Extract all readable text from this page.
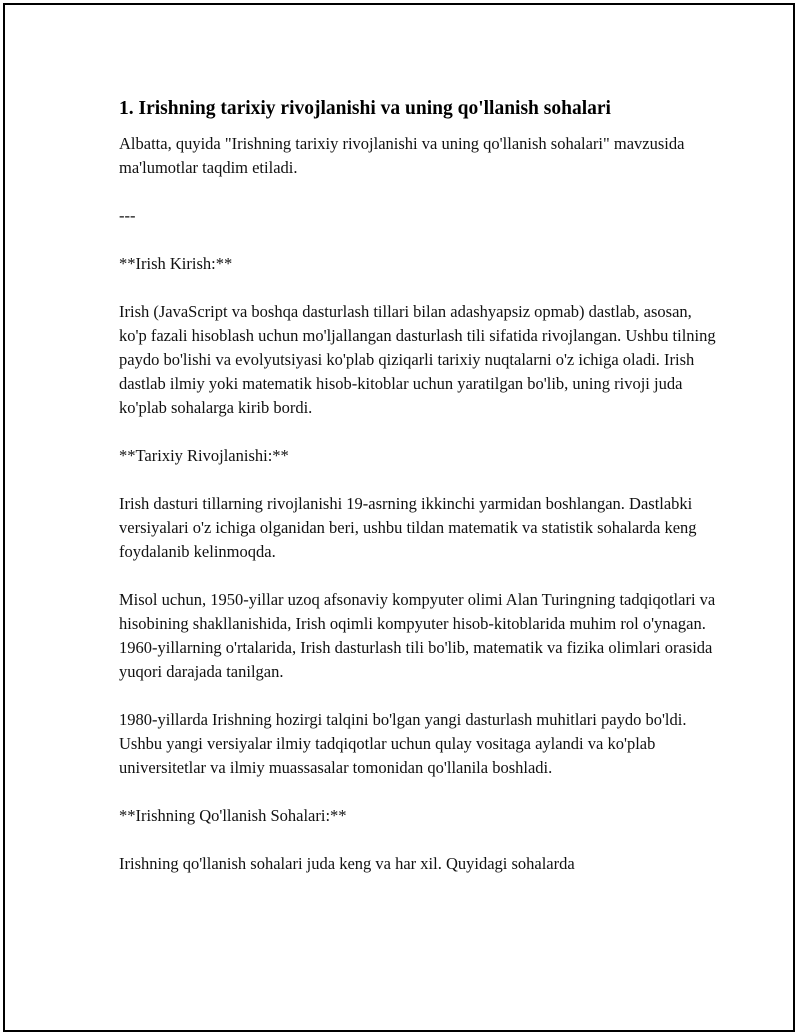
1. Irishning tarixiy rivojlanishi va uning qo'llanish sohalari

Albatta, quyida "Irishning tarixiy rivojlanishi va uning qo'llanish sohalari" mavzusida ma'lumotlar taqdim etiladi.

---

**Irish Kirish:**

Irish (JavaScript va boshqa dasturlash tillari bilan adashyapsiz opmab) dastlab, asosan, ko'p fazali hisoblash uchun mo'ljallangan dasturlash tili sifatida rivojlangan. Ushbu tilning paydo bo'lishi va evolyutsiyasi ko'plab qiziqarli tarixiy nuqtalarni o'z ichiga oladi. Irish dastlab ilmiy yoki matematik hisob-kitoblar uchun yaratilgan bo'lib, uning rivoji juda ko'plab sohalarga kirib bordi.

**Tarixiy Rivojlanishi:**

Irish dasturi tillarning rivojlanishi 19-asrning ikkinchi yarmidan boshlangan. Dastlabki versiyalari o'z ichiga olganidan beri, ushbu tildan matematik va statistik sohalarda keng foydalanib kelinmoqda.

Misol uchun, 1950-yillar uzoq afsonaviy kompyuter olimi Alan Turingning tadqiqotlari va hisobining shakllanishida, Irish oqimli kompyuter hisob-kitoblarida muhim rol o'ynagan. 1960-yillarning o'rtalarida, Irish dasturlash tili bo'lib, matematik va fizika olimlari orasida yuqori darajada tanilgan.

1980-yillarda Irishning hozirgi talqini bo'lgan yangi dasturlash muhitlari paydo bo'ldi. Ushbu yangi versiyalar ilmiy tadqiqotlar uchun qulay vositaga aylandi va ko'plab universitetlar va ilmiy muassasalar tomonidan qo'llanila boshladi.

**Irishning Qo'llanish Sohalari:**

Irishning qo'llanish sohalari juda keng va har xil. Quyidagi sohalarda
